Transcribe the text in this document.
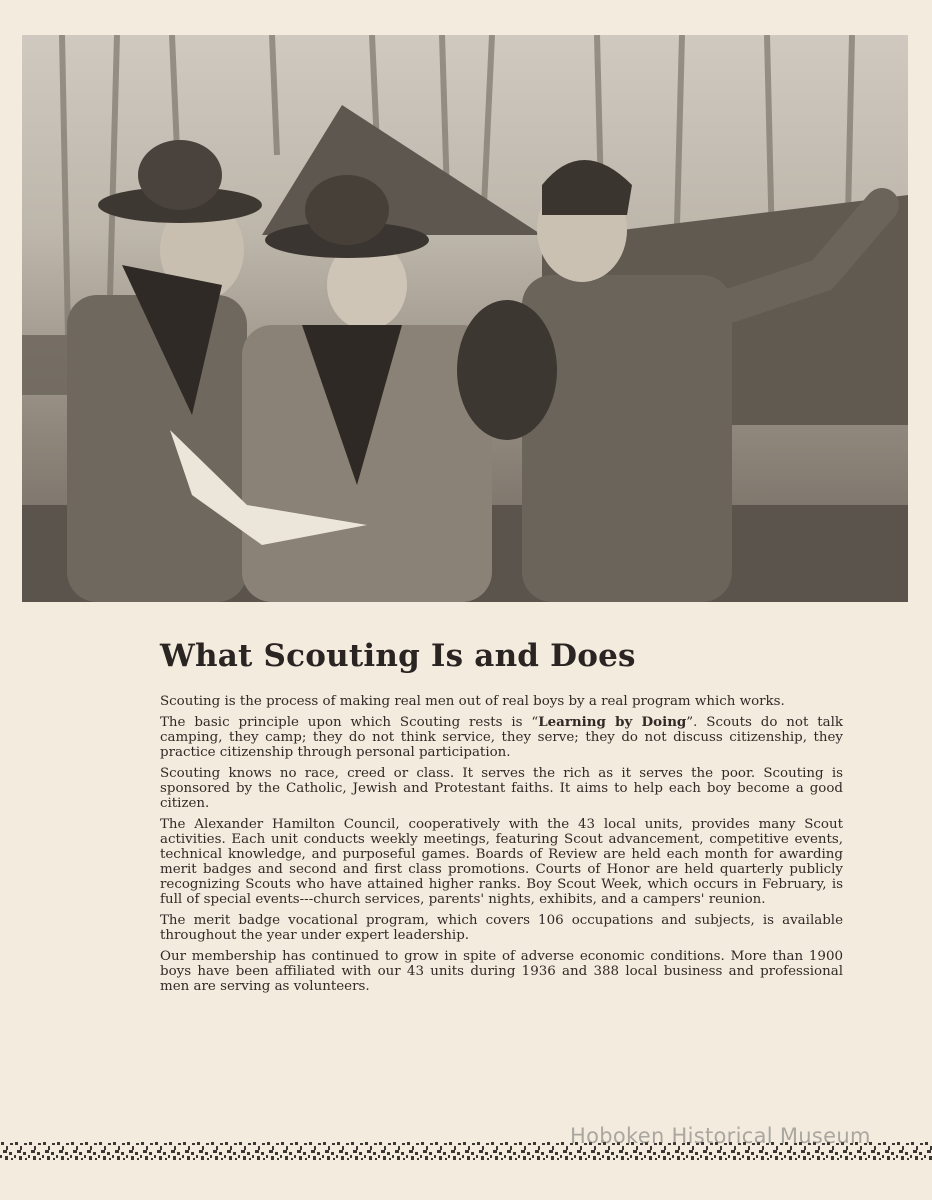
What Scouting Is and Does

Scouting is the process of making real men out of real boys by a real program which works.

The basic principle upon which Scouting rests is “Learning by Doing”. Scouts do not talk camping, they camp; they do not think service, they serve; they do not discuss citizenship, they practice citizenship through personal participation.

Scouting knows no race, creed or class. It serves the rich as it serves the poor. Scouting is sponsored by the Catholic, Jewish and Protestant faiths. It aims to help each boy become a good citizen.

The Alexander Hamilton Council, cooperatively with the 43 local units, provides many Scout activities. Each unit conducts weekly meetings, featuring Scout advancement, competitive events, technical knowledge, and purposeful games. Boards of Review are held each month for awarding merit badges and second and first class promotions. Courts of Honor are held quarterly publicly recognizing Scouts who have attained higher ranks. Boy Scout Week, which occurs in February, is full of special events---church services, parents' nights, exhibits, and a campers' reunion.

The merit badge vocational program, which covers 106 occupations and subjects, is available throughout the year under expert leadership.

Our membership has continued to grow in spite of adverse economic conditions. More than 1900 boys have been affiliated with our 43 units during 1936 and 388 local business and professional men are serving as volunteers.

Hoboken Historical Museum
